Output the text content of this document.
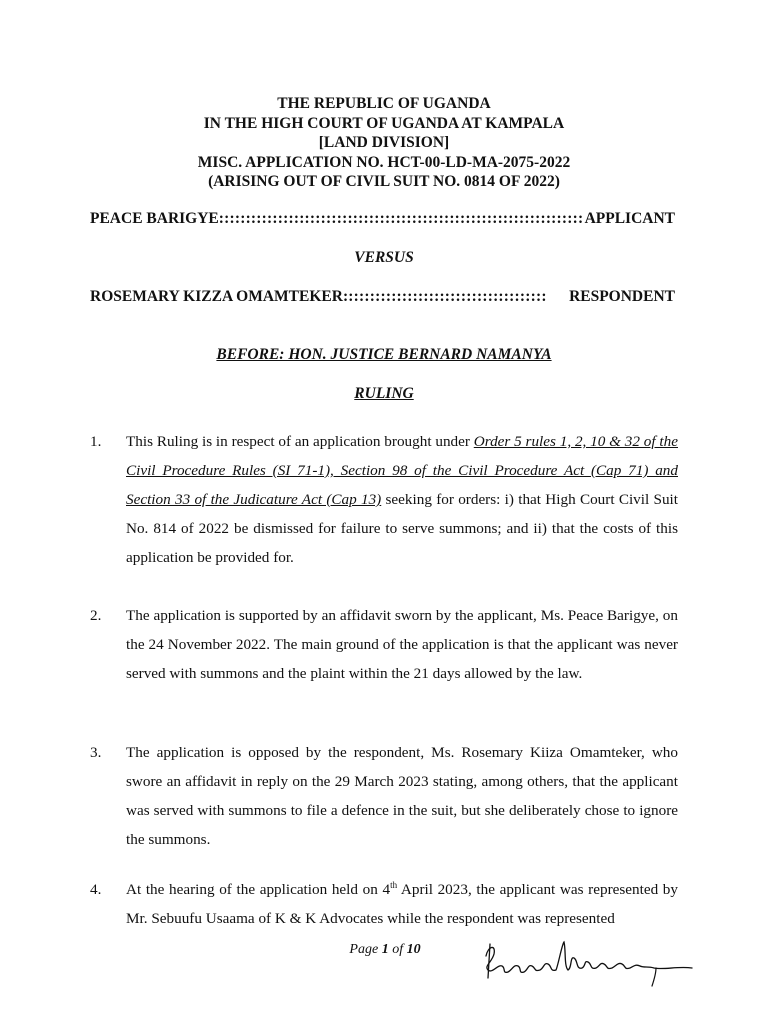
THE REPUBLIC OF UGANDA
IN THE HIGH COURT OF UGANDA AT KAMPALA
[LAND DIVISION]
MISC. APPLICATION NO. HCT-00-LD-MA-2075-2022
(ARISING OUT OF CIVIL SUIT NO. 0814 OF 2022)
PEACE BARIGYE :::::::::::::::::::::::::::::::::::::::::::::::::::::::::::::::::::: APPLICANT
VERSUS
ROSEMARY KIZZA OMAMTEKER ::::::::::::::::::::::::::::::::::::::	RESPONDENT
BEFORE: HON. JUSTICE BERNARD NAMANYA
RULING
1. This Ruling is in respect of an application brought under Order 5 rules 1, 2, 10 & 32 of the Civil Procedure Rules (SI 71-1), Section 98 of the Civil Procedure Act (Cap 71) and Section 33 of the Judicature Act (Cap 13) seeking for orders: i) that High Court Civil Suit No. 814 of 2022 be dismissed for failure to serve summons; and ii) that the costs of this application be provided for.
2. The application is supported by an affidavit sworn by the applicant, Ms. Peace Barigye, on the 24 November 2022. The main ground of the application is that the applicant was never served with summons and the plaint within the 21 days allowed by the law.
3. The application is opposed by the respondent, Ms. Rosemary Kiiza Omamteker, who swore an affidavit in reply on the 29 March 2023 stating, among others, that the applicant was served with summons to file a defence in the suit, but she deliberately chose to ignore the summons.
4. At the hearing of the application held on 4th April 2023, the applicant was represented by Mr. Sebuufu Usaama of K & K Advocates while the respondent was represented
Page 1 of 10
